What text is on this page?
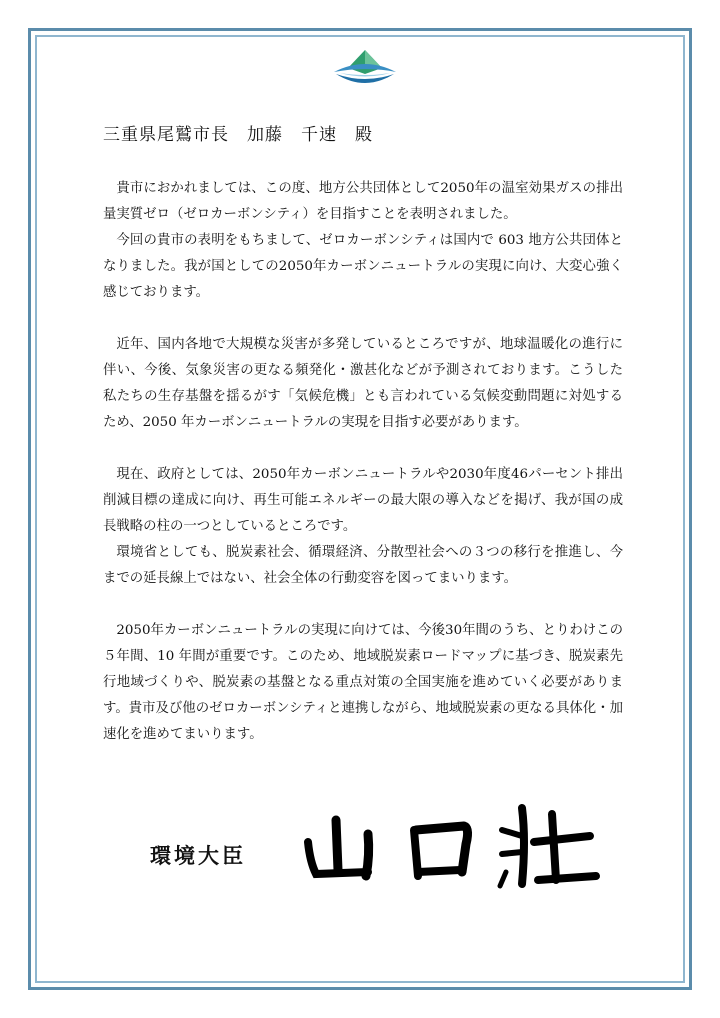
三重県尾鷲市長　加藤　千速　殿

貴市におかれましては、この度、地方公共団体として2050年の温室効果ガスの排出量実質ゼロ（ゼロカーボンシティ）を目指すことを表明されました。

今回の貴市の表明をもちまして、ゼロカーボンシティは国内で 603 地方公共団体となりました。我が国としての2050年カーボンニュートラルの実現に向け、大変心強く感じております。

近年、国内各地で大規模な災害が多発しているところですが、地球温暖化の進行に伴い、今後、気象災害の更なる頻発化・激甚化などが予測されております。こうした私たちの生存基盤を揺るがす「気候危機」とも言われている気候変動問題に対処するため、2050 年カーボンニュートラルの実現を目指す必要があります。

現在、政府としては、2050年カーボンニュートラルや2030年度46パーセント排出削減目標の達成に向け、再生可能エネルギーの最大限の導入などを掲げ、我が国の成長戦略の柱の一つとしているところです。

環境省としても、脱炭素社会、循環経済、分散型社会への３つの移行を推進し、今までの延長線上ではない、社会全体の行動変容を図ってまいります。

2050年カーボンニュートラルの実現に向けては、今後30年間のうち、とりわけこの５年間、10 年間が重要です。このため、地域脱炭素ロードマップに基づき、脱炭素先行地域づくりや、脱炭素の基盤となる重点対策の全国実施を進めていく必要があります。貴市及び他のゼロカーボンシティと連携しながら、地域脱炭素の更なる具体化・加速化を進めてまいります。

環境大臣
